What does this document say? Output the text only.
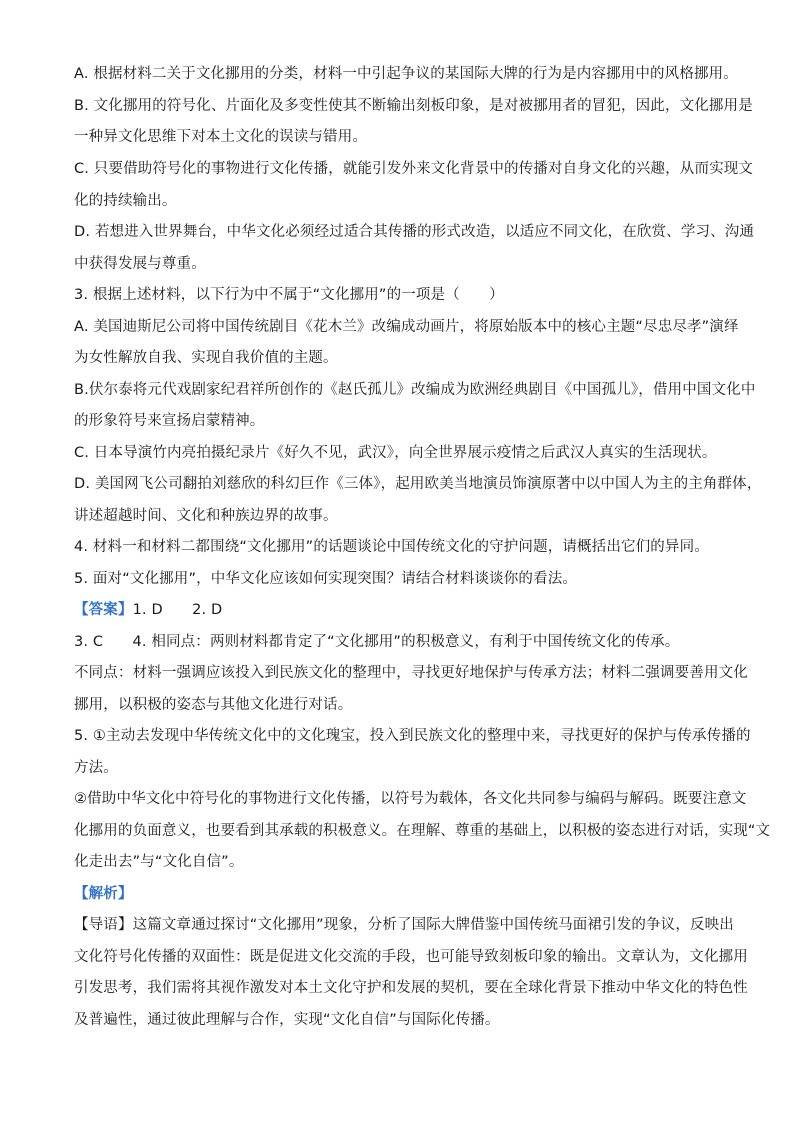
A. 根据材料二关于文化挪用的分类，材料一中引起争议的某国际大牌的行为是内容挪用中的风格挪用。
B. 文化挪用的符号化、片面化及多变性使其不断输出刻板印象，是对被挪用者的冒犯，因此，文化挪用是
一种异文化思维下对本土文化的误读与错用。
C. 只要借助符号化的事物进行文化传播，就能引发外来文化背景中的传播对自身文化的兴趣，从而实现文
化的持续输出。
D. 若想进入世界舞台，中华文化必须经过适合其传播的形式改造，以适应不同文化，在欣赏、学习、沟通
中获得发展与尊重。
3. 根据上述材料，以下行为中不属于“文化挪用”的一项是（　　）
A. 美国迪斯尼公司将中国传统剧目《花木兰》改编成动画片，将原始版本中的核心主题“尽忠尽孝”演绎
为女性解放自我、实现自我价值的主题。
B.伏尔泰将元代戏剧家纪君祥所创作的《赵氏孤儿》改编成为欧洲经典剧目《中国孤儿》，借用中国文化中
的形象符号来宣扬启蒙精神。
C. 日本导演竹内亮拍摄纪录片《好久不见，武汉》，向全世界展示疫情之后武汉人真实的生活现状。
D. 美国网飞公司翻拍刘慈欣的科幻巨作《三体》，起用欧美当地演员饰演原著中以中国人为主的主角群体，
讲述超越时间、文化和种族边界的故事。
4. 材料一和材料二都围绕“文化挪用”的话题谈论中国传统文化的守护问题，请概括出它们的异同。
5. 面对“文化挪用”，中华文化应该如何实现突围？请结合材料谈谈你的看法。
【答案】1. D　　2. D
3. C　　4. 相同点：两则材料都肯定了“文化挪用”的积极意义，有利于中国传统文化的传承。
不同点：材料一强调应该投入到民族文化的整理中，寻找更好地保护与传承方法；材料二强调要善用文化
挪用，以积极的姿态与其他文化进行对话。
5. ①主动去发现中华传统文化中的文化瑰宝，投入到民族文化的整理中来，寻找更好的保护与传承传播的
方法。
②借助中华文化中符号化的事物进行文化传播，以符号为载体，各文化共同参与编码与解码。既要注意文
化挪用的负面意义，也要看到其承载的积极意义。在理解、尊重的基础上，以积极的姿态进行对话，实现“文
化走出去”与“文化自信”。
【解析】
【导语】这篇文章通过探讨“文化挪用”现象，分析了国际大牌借鉴中国传统马面裙引发的争议，反映出
文化符号化传播的双面性：既是促进文化交流的手段，也可能导致刻板印象的输出。文章认为，文化挪用
引发思考，我们需将其视作激发对本土文化守护和发展的契机，要在全球化背景下推动中华文化的特色性
及普遍性，通过彼此理解与合作，实现“文化自信”与国际化传播。
